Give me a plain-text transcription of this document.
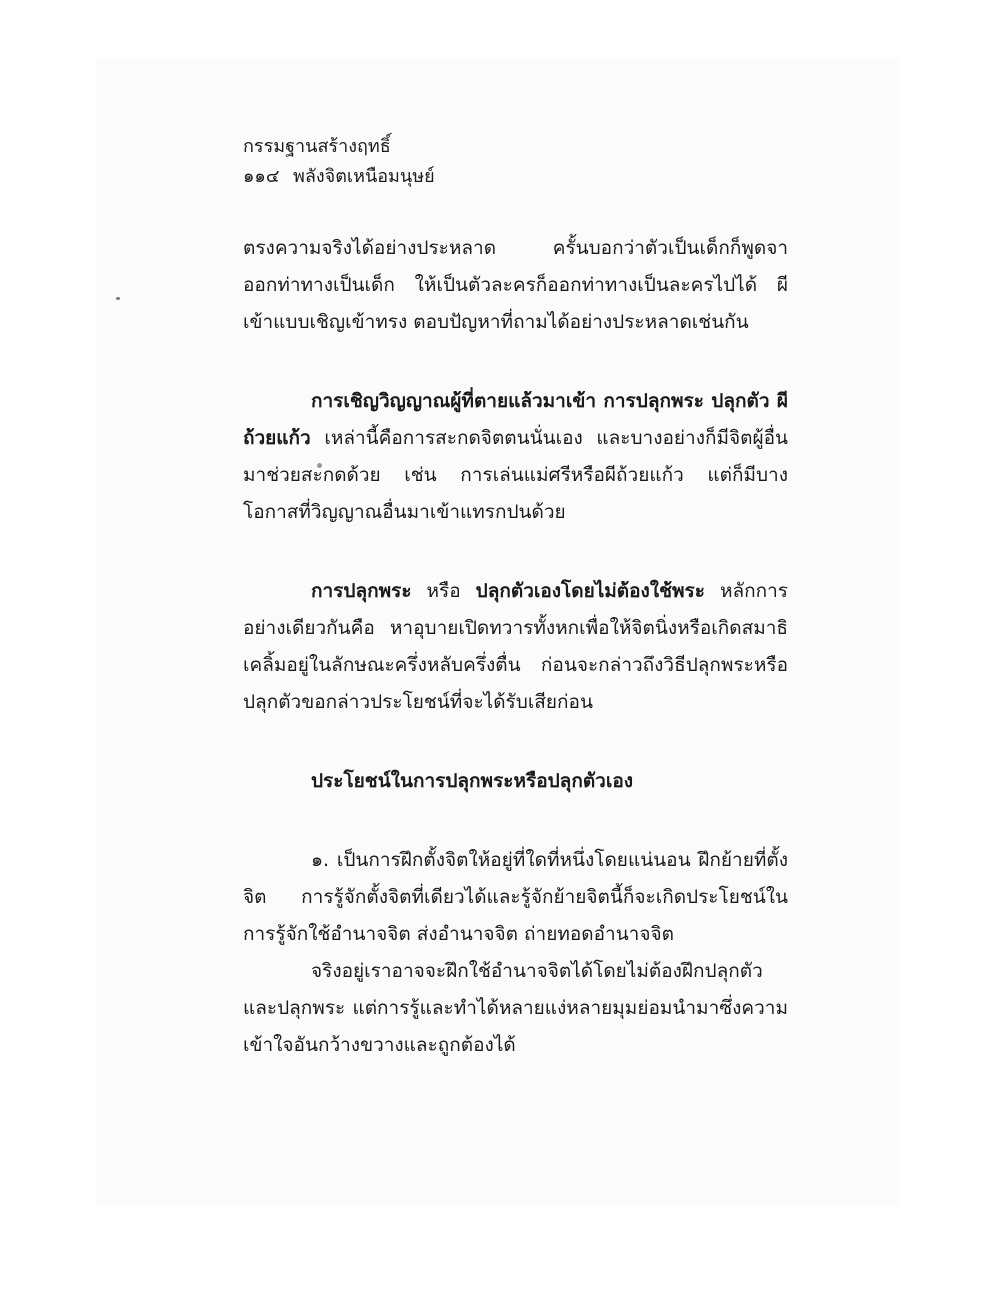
กรรมฐานสร้างฤทธิ์
๑๑๔ พลังจิตเหนือมนุษย์

ตรงความจริงได้อย่างประหลาด ครั้นบอกว่าตัวเป็นเด็กก็พูดจาออกท่าทางเป็นเด็ก ให้เป็นตัวละครก็ออกท่าทางเป็นละครไปได้ ผีเข้าแบบเชิญเข้าทรง ตอบปัญหาที่ถามได้อย่างประหลาดเช่นกัน

การเชิญวิญญาณผู้ที่ตายแล้วมาเข้า การปลุกพระ ปลุกตัว ผีถ้วยแก้ว เหล่านี้คือการสะกดจิตตนนั่นเอง และบางอย่างก็มีจิตผู้อื่นมาช่วยสะกดด้วย เช่น การเล่นแม่ศรีหรือผีถ้วยแก้ว แต่ก็มีบางโอกาสที่วิญญาณอื่นมาเข้าแทรกปนด้วย

การปลุกพระ หรือ ปลุกตัวเองโดยไม่ต้องใช้พระ หลักการอย่างเดียวกันคือ หาอุบายเปิดทวารทั้งหกเพื่อให้จิตนิ่งหรือเกิดสมาธิเคลิ้มอยู่ในลักษณะครึ่งหลับครึ่งตื่น ก่อนจะกล่าวถึงวิธีปลุกพระหรือปลุกตัวขอกล่าวประโยชน์ที่จะได้รับเสียก่อน

ประโยชน์ในการปลุกพระหรือปลุกตัวเอง

๑. เป็นการฝึกตั้งจิตให้อยู่ที่ใดที่หนึ่งโดยแน่นอน ฝึกย้ายที่ตั้งจิต การรู้จักตั้งจิตที่เดียวได้และรู้จักย้ายจิตนี้ก็จะเกิดประโยชน์ในการรู้จักใช้อำนาจจิต ส่งอำนาจจิต ถ่ายทอดอำนาจจิต

จริงอยู่เราอาจจะฝึกใช้อำนาจจิตได้โดยไม่ต้องฝึกปลุกตัวและปลุกพระ แต่การรู้และทำได้หลายแง่หลายมุมย่อมนำมาซึ่งความเข้าใจอันกว้างขวางและถูกต้องได้
